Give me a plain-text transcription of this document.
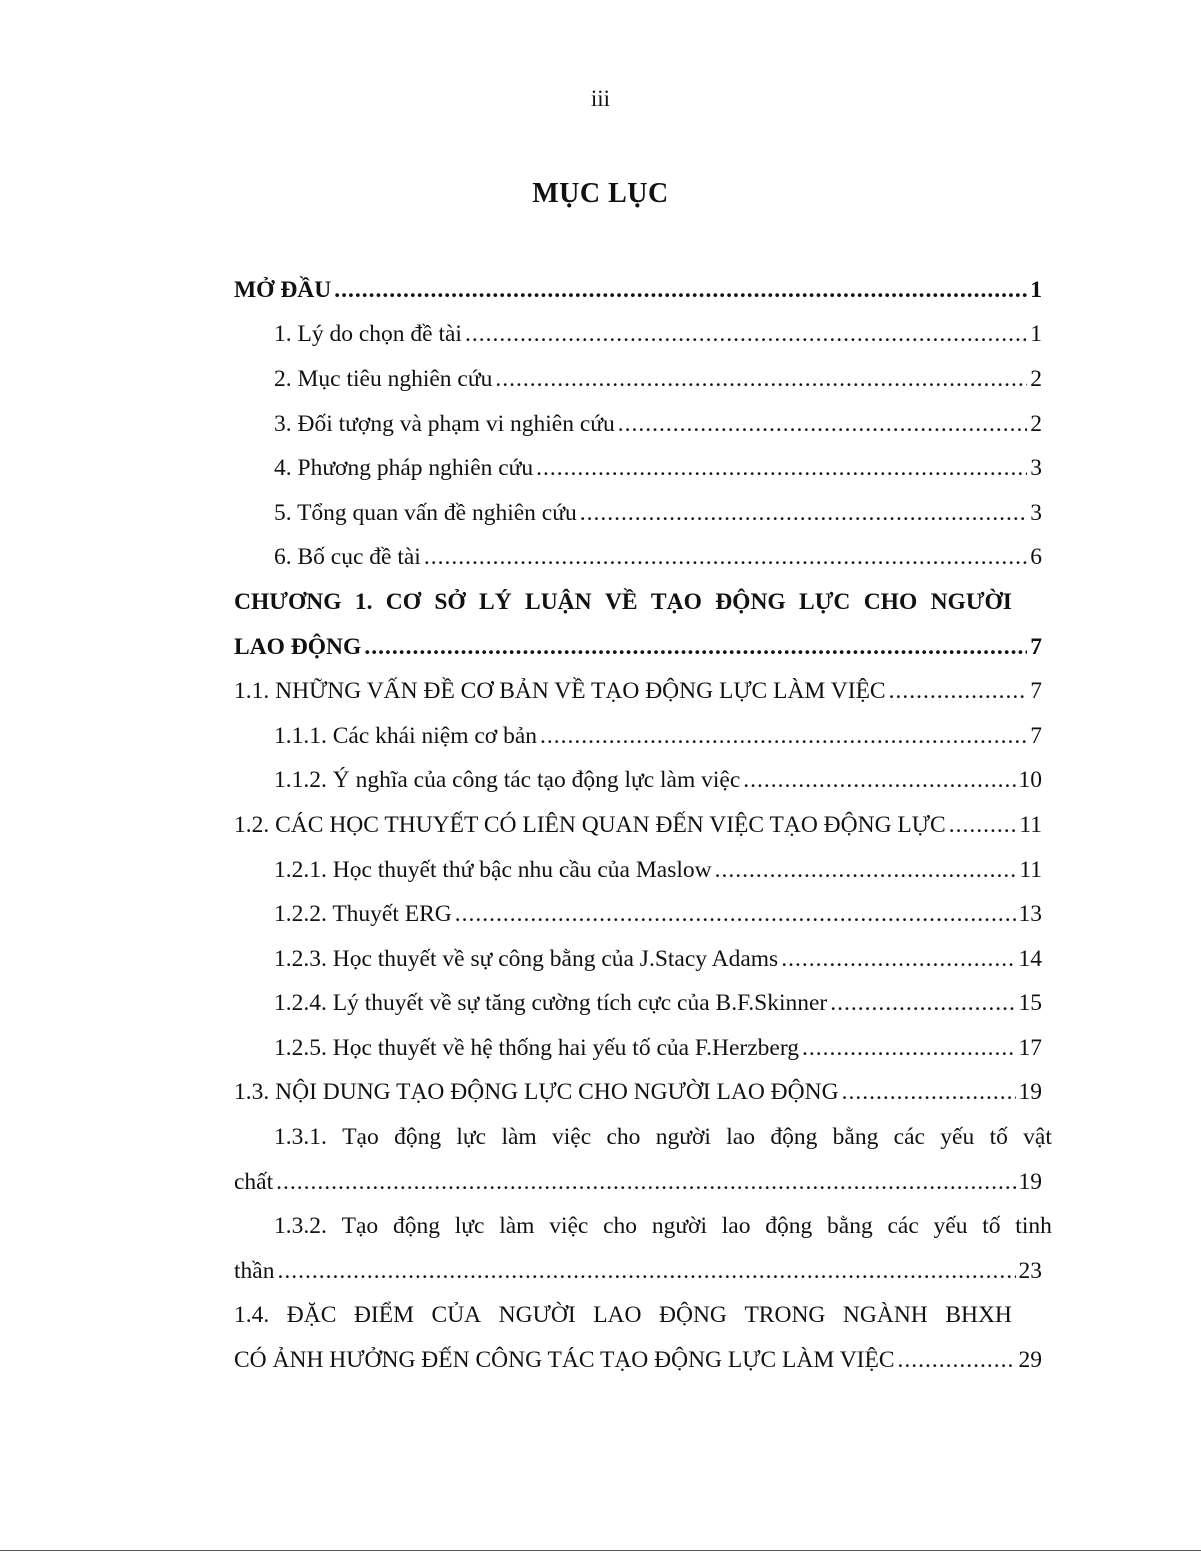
iii
MỤC LỤC
MỞ ĐẦU .....	1
1. Lý do chọn đề tài .....	1
2. Mục tiêu nghiên cứu .....	2
3. Đối tượng và phạm vi nghiên cứu .....	2
4. Phương pháp nghiên cứu .....	3
5. Tổng quan vấn đề nghiên cứu .....	3
6. Bố cục đề tài .....	6
CHƯƠNG 1. CƠ SỞ LÝ LUẬN VỀ TẠO ĐỘNG LỰC CHO NGƯỜI
LAO ĐỘNG .....	7
1.1. NHỮNG VẤN ĐỀ CƠ BẢN VỀ TẠO ĐỘNG LỰC LÀM VIỆC .....	7
1.1.1. Các khái niệm cơ bản .....	7
1.1.2. Ý nghĩa của công tác tạo động lực làm việc .....	10
1.2. CÁC HỌC THUYẾT CÓ LIÊN QUAN ĐẾN VIỆC TẠO ĐỘNG LỰC .....	11
1.2.1. Học thuyết thứ bậc nhu cầu của Maslow .....	11
1.2.2. Thuyết ERG .....	13
1.2.3. Học thuyết về sự công bằng của J.Stacy Adams .....	14
1.2.4. Lý thuyết về sự tăng cường tích cực của B.F.Skinner .....	15
1.2.5. Học thuyết về hệ thống hai yếu tố của F.Herzberg .....	17
1.3. NỘI DUNG TẠO ĐỘNG LỰC CHO NGƯỜI LAO ĐỘNG .....	19
1.3.1. Tạo động lực làm việc cho người lao động bằng các yếu tố vật
chất .....	19
1.3.2. Tạo động lực làm việc cho người lao động bằng các yếu tố tinh
thần .....	23
1.4. ĐẶC ĐIỂM CỦA NGƯỜI LAO ĐỘNG TRONG NGÀNH BHXH
CÓ ẢNH HƯỞNG ĐẾN CÔNG TÁC TẠO ĐỘNG LỰC LÀM VIỆC .....	29
